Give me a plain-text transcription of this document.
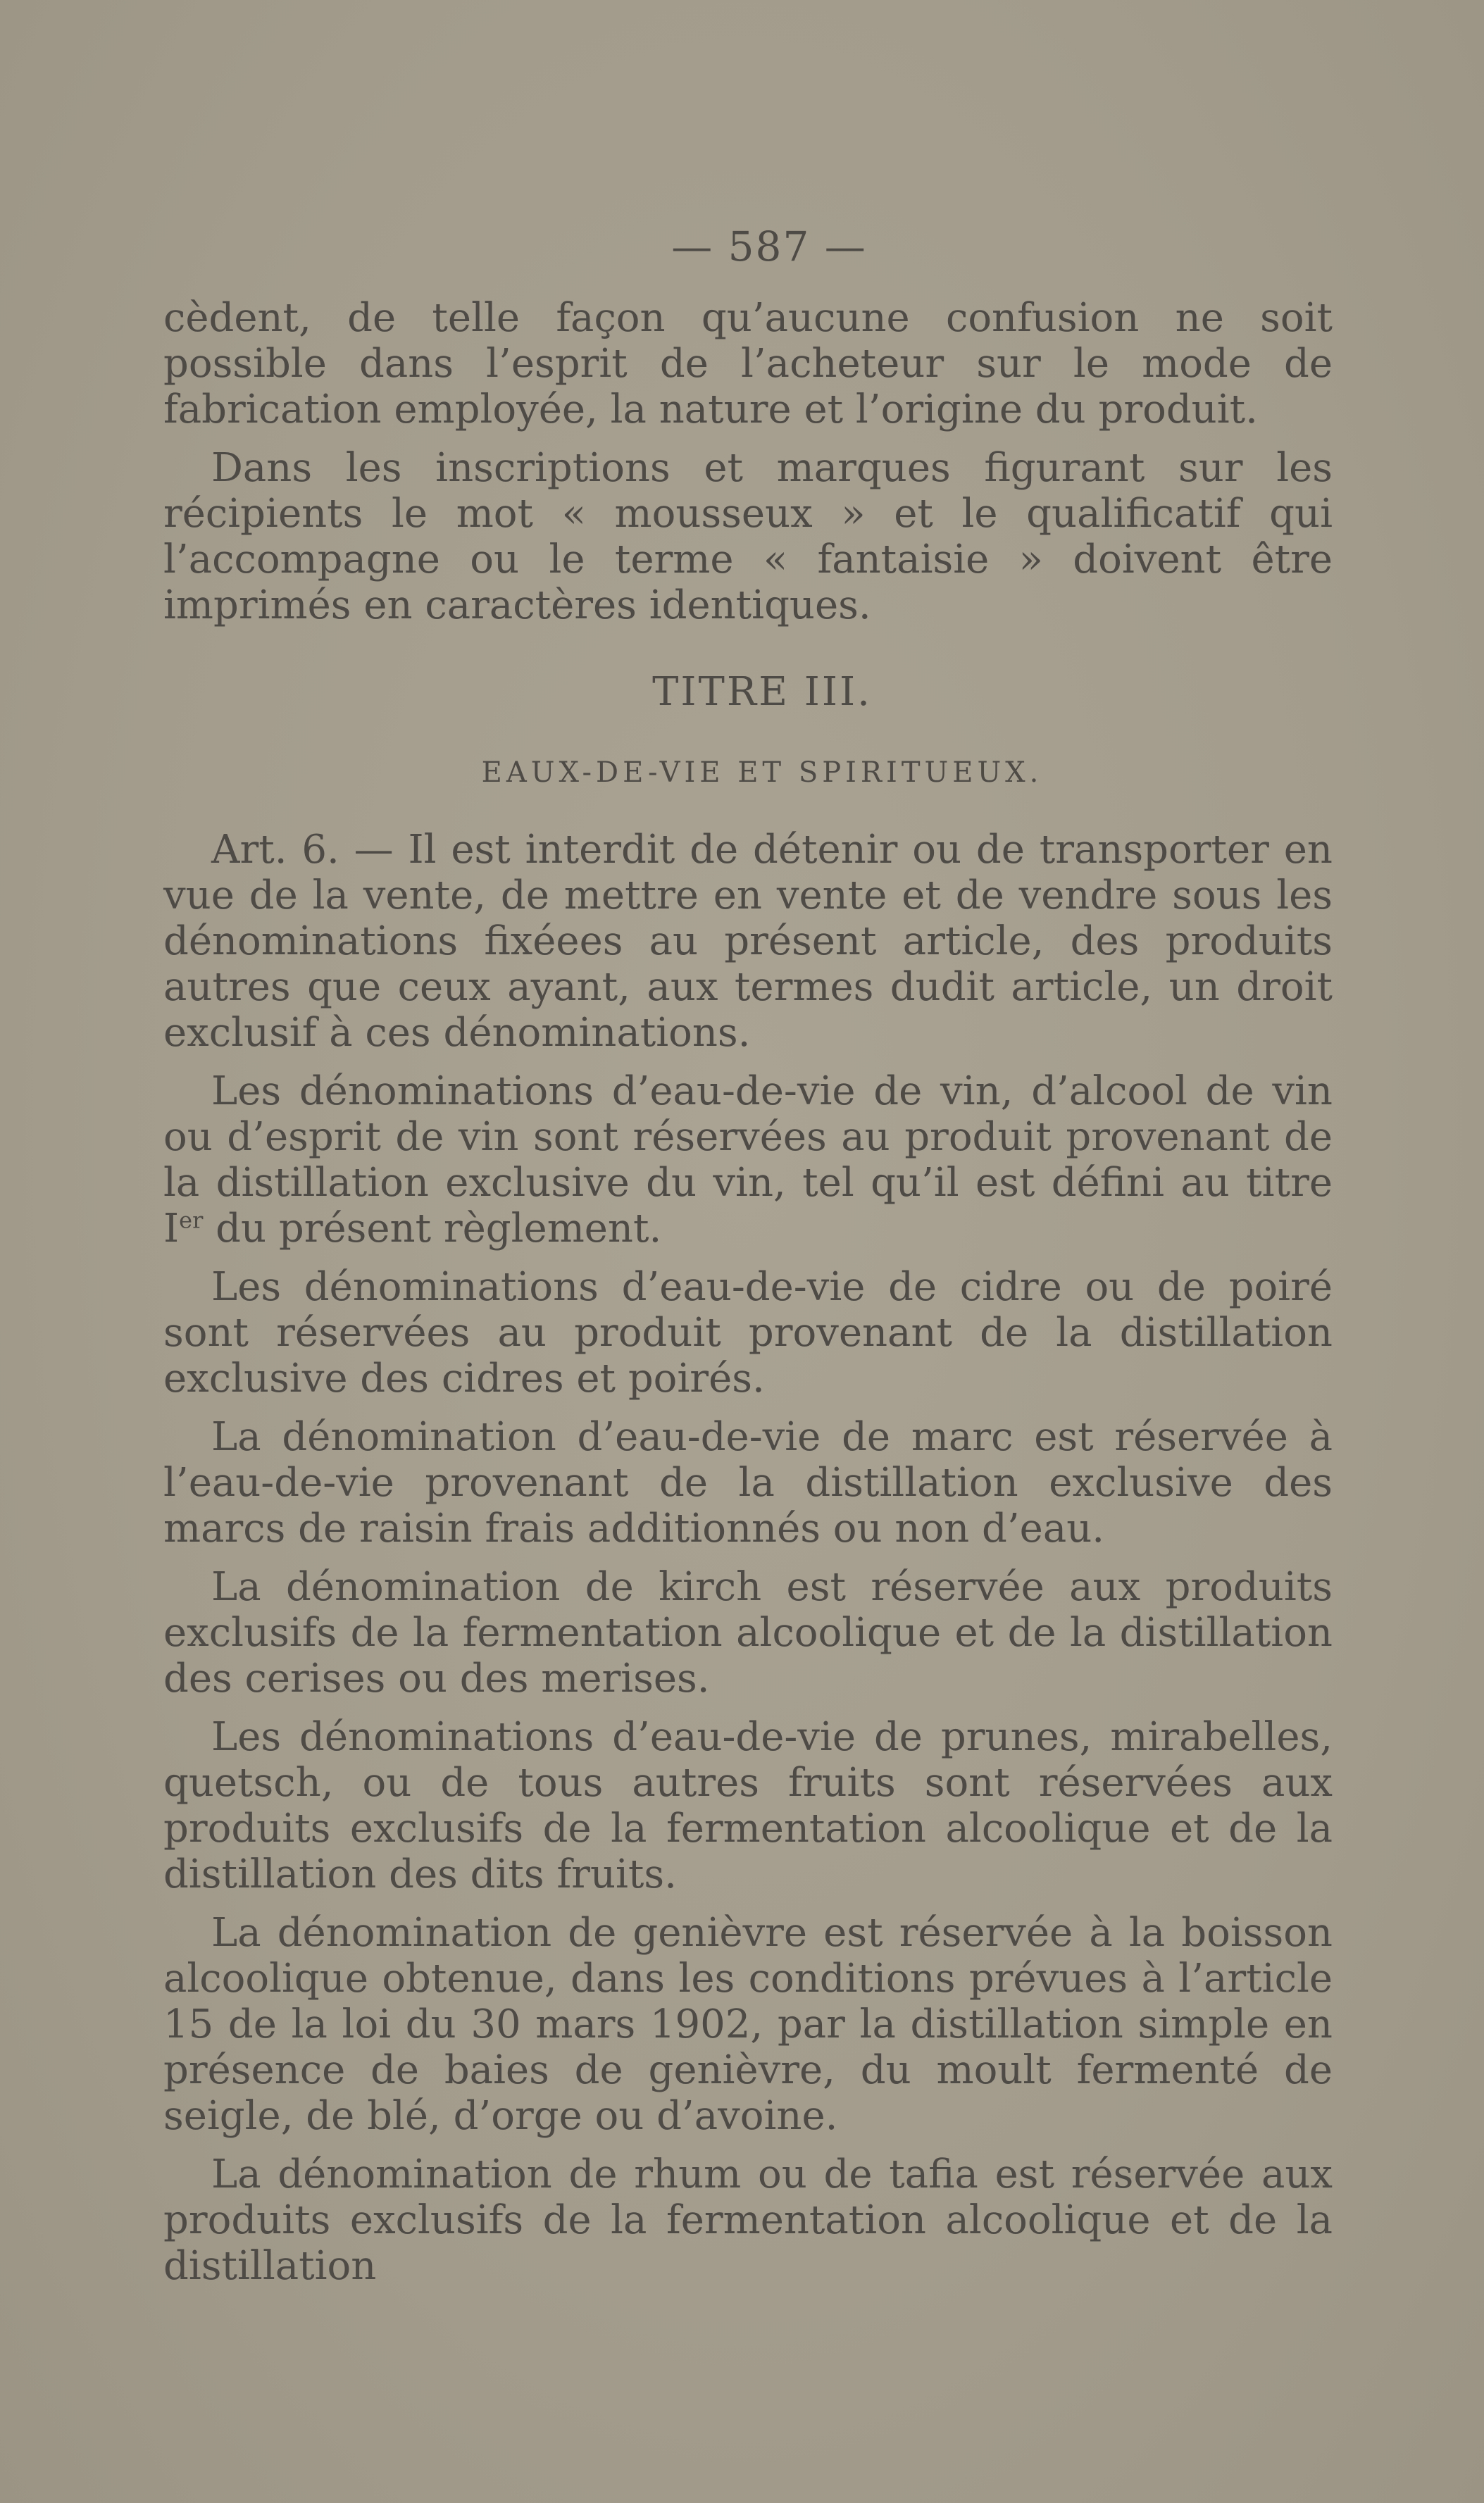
— 587 —

cèdent, de telle façon qu’aucune confusion ne soit possible dans l’esprit de l’acheteur sur le mode de fabrication employée, la nature et l’origine du produit.

Dans les inscriptions et marques figurant sur les récipients le mot « mousseux » et le qualificatif qui l’accompagne ou le terme « fantaisie » doivent être imprimés en caractères identiques.

TITRE III.
EAUX-DE-VIE ET SPIRITUEUX.

Art. 6. — Il est interdit de détenir ou de transporter en vue de la vente, de mettre en vente et de vendre sous les dénominations fixéees au présent article, des produits autres que ceux ayant, aux termes dudit article, un droit exclusif à ces dénominations.

Les dénominations d’eau-de-vie de vin, d’alcool de vin ou d’esprit de vin sont réservées au produit provenant de la distillation exclusive du vin, tel qu’il est défini au titre Ier du présent règlement.

Les dénominations d’eau-de-vie de cidre ou de poiré sont réservées au produit provenant de la distillation exclusive des cidres et poirés.

La dénomination d’eau-de-vie de marc est réservée à l’eau-de-vie provenant de la distillation exclusive des marcs de raisin frais additionnés ou non d’eau.

La dénomination de kirch est réservée aux produits exclusifs de la fermentation alcoolique et de la distillation des cerises ou des merises.

Les dénominations d’eau-de-vie de prunes, mirabelles, quetsch, ou de tous autres fruits sont réservées aux produits exclusifs de la fermentation alcoolique et de la distillation des dits fruits.

La dénomination de genièvre est réservée à la boisson alcoolique obtenue, dans les conditions prévues à l’article 15 de la loi du 30 mars 1902, par la distillation simple en présence de baies de genièvre, du moult fermenté de seigle, de blé, d’orge ou d’avoine.

La dénomination de rhum ou de tafia est réservée aux produits exclusifs de la fermentation alcoolique et de la distillation
